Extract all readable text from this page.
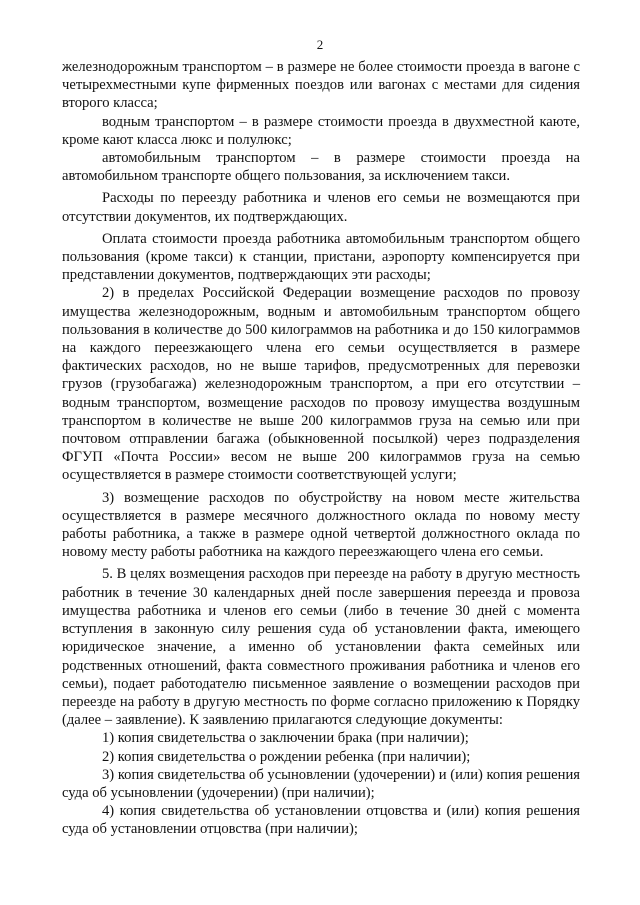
2

железнодорожным транспортом – в размере не более стоимости проезда в вагоне с четырехместными купе фирменных поездов или вагонах с местами для сидения второго класса;

водным транспортом – в размере стоимости проезда в двухместной каюте, кроме кают класса люкс и полулюкс;

автомобильным транспортом – в размере стоимости проезда на автомобильном транспорте общего пользования, за исключением такси.

Расходы по переезду работника и членов его семьи не возмещаются при отсутствии документов, их подтверждающих.

Оплата стоимости проезда работника автомобильным транспортом общего пользования (кроме такси) к станции, пристани, аэропорту компенсируется при представлении документов, подтверждающих эти расходы;

2) в пределах Российской Федерации возмещение расходов по провозу имущества железнодорожным, водным и автомобильным транспортом общего пользования в количестве до 500 килограммов на работника и до 150 килограммов на каждого переезжающего члена его семьи осуществляется в размере фактических расходов, но не выше тарифов, предусмотренных для перевозки грузов (грузобагажа) железнодорожным транспортом, а при его отсутствии – водным транспортом, возмещение расходов по провозу имущества воздушным транспортом в количестве не выше 200 килограммов груза на семью или при почтовом отправлении багажа (обыкновенной посылкой) через подразделения ФГУП «Почта России» весом не выше 200 килограммов груза на семью осуществляется в размере стоимости соответствующей услуги;

3) возмещение расходов по обустройству на новом месте жительства осуществляется в размере месячного должностного оклада по новому месту работы работника, а также в размере одной четвертой должностного оклада по новому месту работы работника на каждого переезжающего члена его семьи.

5. В целях возмещения расходов при переезде на работу в другую местность работник в течение 30 календарных дней после завершения переезда и провоза имущества работника и членов его семьи (либо в течение 30 дней с момента вступления в законную силу решения суда об установлении факта, имеющего юридическое значение, а именно об установлении факта семейных или родственных отношений, факта совместного проживания работника и членов его семьи), подает работодателю письменное заявление о возмещении расходов при переезде на работу в другую местность по форме согласно приложению к Порядку (далее – заявление). К заявлению прилагаются следующие документы:

1) копия свидетельства о заключении брака (при наличии);

2) копия свидетельства о рождении ребенка (при наличии);

3) копия свидетельства об усыновлении (удочерении) и (или) копия решения суда об усыновлении (удочерении) (при наличии);

4) копия свидетельства об установлении отцовства и (или) копия решения суда об установлении отцовства (при наличии);
